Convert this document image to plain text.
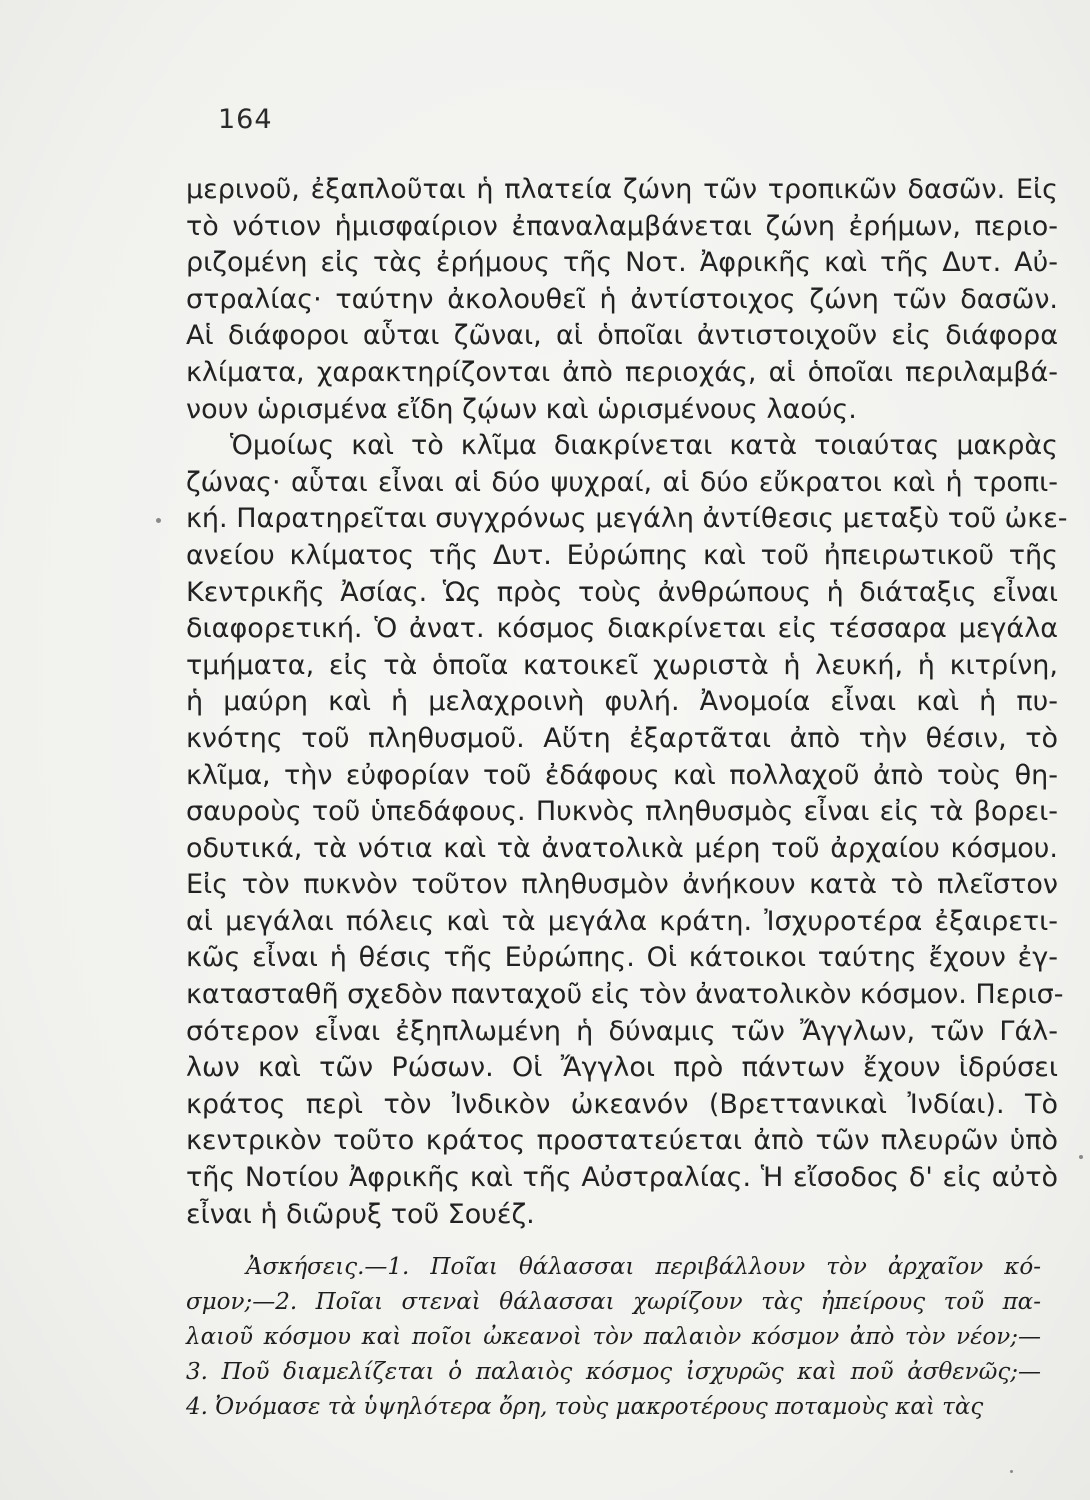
164
μερινοῦ, ἐξαπλοῦται ἡ πλατεία ζώνη τῶν τροπικῶν δασῶν. Εἰς
τὸ νότιον ἡμισφαίριον ἐπαναλαμβάνεται ζώνη ἐρήμων, περιο-
ριζομένη εἰς τὰς ἐρήμους τῆς Νοτ. Ἀφρικῆς καὶ τῆς Δυτ. Αὐ-
στραλίας· ταύτην ἀκολουθεῖ ἡ ἀντίστοιχος ζώνη τῶν δασῶν.
Αἱ διάφοροι αὗται ζῶναι, αἱ ὁποῖαι ἀντιστοιχοῦν εἰς διάφορα
κλίματα, χαρακτηρίζονται ἀπὸ περιοχάς, αἱ ὁποῖαι περιλαμβά-
νουν ὡρισμένα εἴδη ζῴων καὶ ὡρισμένους λαούς.
Ὁμοίως καὶ τὸ κλῖμα διακρίνεται κατὰ τοιαύτας μακρὰς
ζώνας· αὗται εἶναι αἱ δύο ψυχραί, αἱ δύο εὔκρατοι καὶ ἡ τροπι-
κή. Παρατηρεῖται συγχρόνως μεγάλη ἀντίθεσις μεταξὺ τοῦ ὠκε-
ανείου κλίματος τῆς Δυτ. Εὐρώπης καὶ τοῦ ἠπειρωτικοῦ τῆς
Κεντρικῆς Ἀσίας. Ὡς πρὸς τοὺς ἀνθρώπους ἡ διάταξις εἶναι
διαφορετική. Ὁ ἀνατ. κόσμος διακρίνεται εἰς τέσσαρα μεγάλα
τμήματα, εἰς τὰ ὁποῖα κατοικεῖ χωριστὰ ἡ λευκή, ἡ κιτρίνη,
ἡ μαύρη καὶ ἡ μελαχροινὴ φυλή. Ἀνομοία εἶναι καὶ ἡ πυ-
κνότης τοῦ πληθυσμοῦ. Αὕτη ἐξαρτᾶται ἀπὸ τὴν θέσιν, τὸ
κλῖμα, τὴν εὐφορίαν τοῦ ἐδάφους καὶ πολλαχοῦ ἀπὸ τοὺς θη-
σαυροὺς τοῦ ὑπεδάφους. Πυκνὸς πληθυσμὸς εἶναι εἰς τὰ βορει-
οδυτικά, τὰ νότια καὶ τὰ ἀνατολικὰ μέρη τοῦ ἀρχαίου κόσμου.
Εἰς τὸν πυκνὸν τοῦτον πληθυσμὸν ἀνήκουν κατὰ τὸ πλεῖστον
αἱ μεγάλαι πόλεις καὶ τὰ μεγάλα κράτη. Ἰσχυροτέρα ἐξαιρετι-
κῶς εἶναι ἡ θέσις τῆς Εὐρώπης. Οἱ κάτοικοι ταύτης ἔχουν ἐγ-
κατασταθῆ σχεδὸν πανταχοῦ εἰς τὸν ἀνατολικὸν κόσμον. Περισ-
σότερον εἶναι ἐξηπλωμένη ἡ δύναμις τῶν Ἄγγλων, τῶν Γάλ-
λων καὶ τῶν Ρώσων. Οἱ Ἄγγλοι πρὸ πάντων ἔχουν ἱδρύσει
κράτος περὶ τὸν Ἰνδικὸν ὠκεανόν (Βρεττανικαὶ Ἰνδίαι). Τὸ
κεντρικὸν τοῦτο κράτος προστατεύεται ἀπὸ τῶν πλευρῶν ὑπὸ
τῆς Νοτίου Ἀφρικῆς καὶ τῆς Αὐστραλίας. Ἡ εἴσοδος δ' εἰς αὐτὸ
εἶναι ἡ διῶρυξ τοῦ Σουέζ.
Ἀσκήσεις.—1. Ποῖαι θάλασσαι περιβάλλουν τὸν ἀρχαῖον κό-
σμον;—2. Ποῖαι στεναὶ θάλασσαι χωρίζουν τὰς ἠπείρους τοῦ πα-
λαιοῦ κόσμου καὶ ποῖοι ὠκεανοὶ τὸν παλαιὸν κόσμον ἀπὸ τὸν νέον;—
3. Ποῦ διαμελίζεται ὁ παλαιὸς κόσμος ἰσχυρῶς καὶ ποῦ ἀσθενῶς;—
4. Ὀνόμασε τὰ ὑψηλότερα ὄρη, τοὺς μακροτέρους ποταμοὺς καὶ τὰς
